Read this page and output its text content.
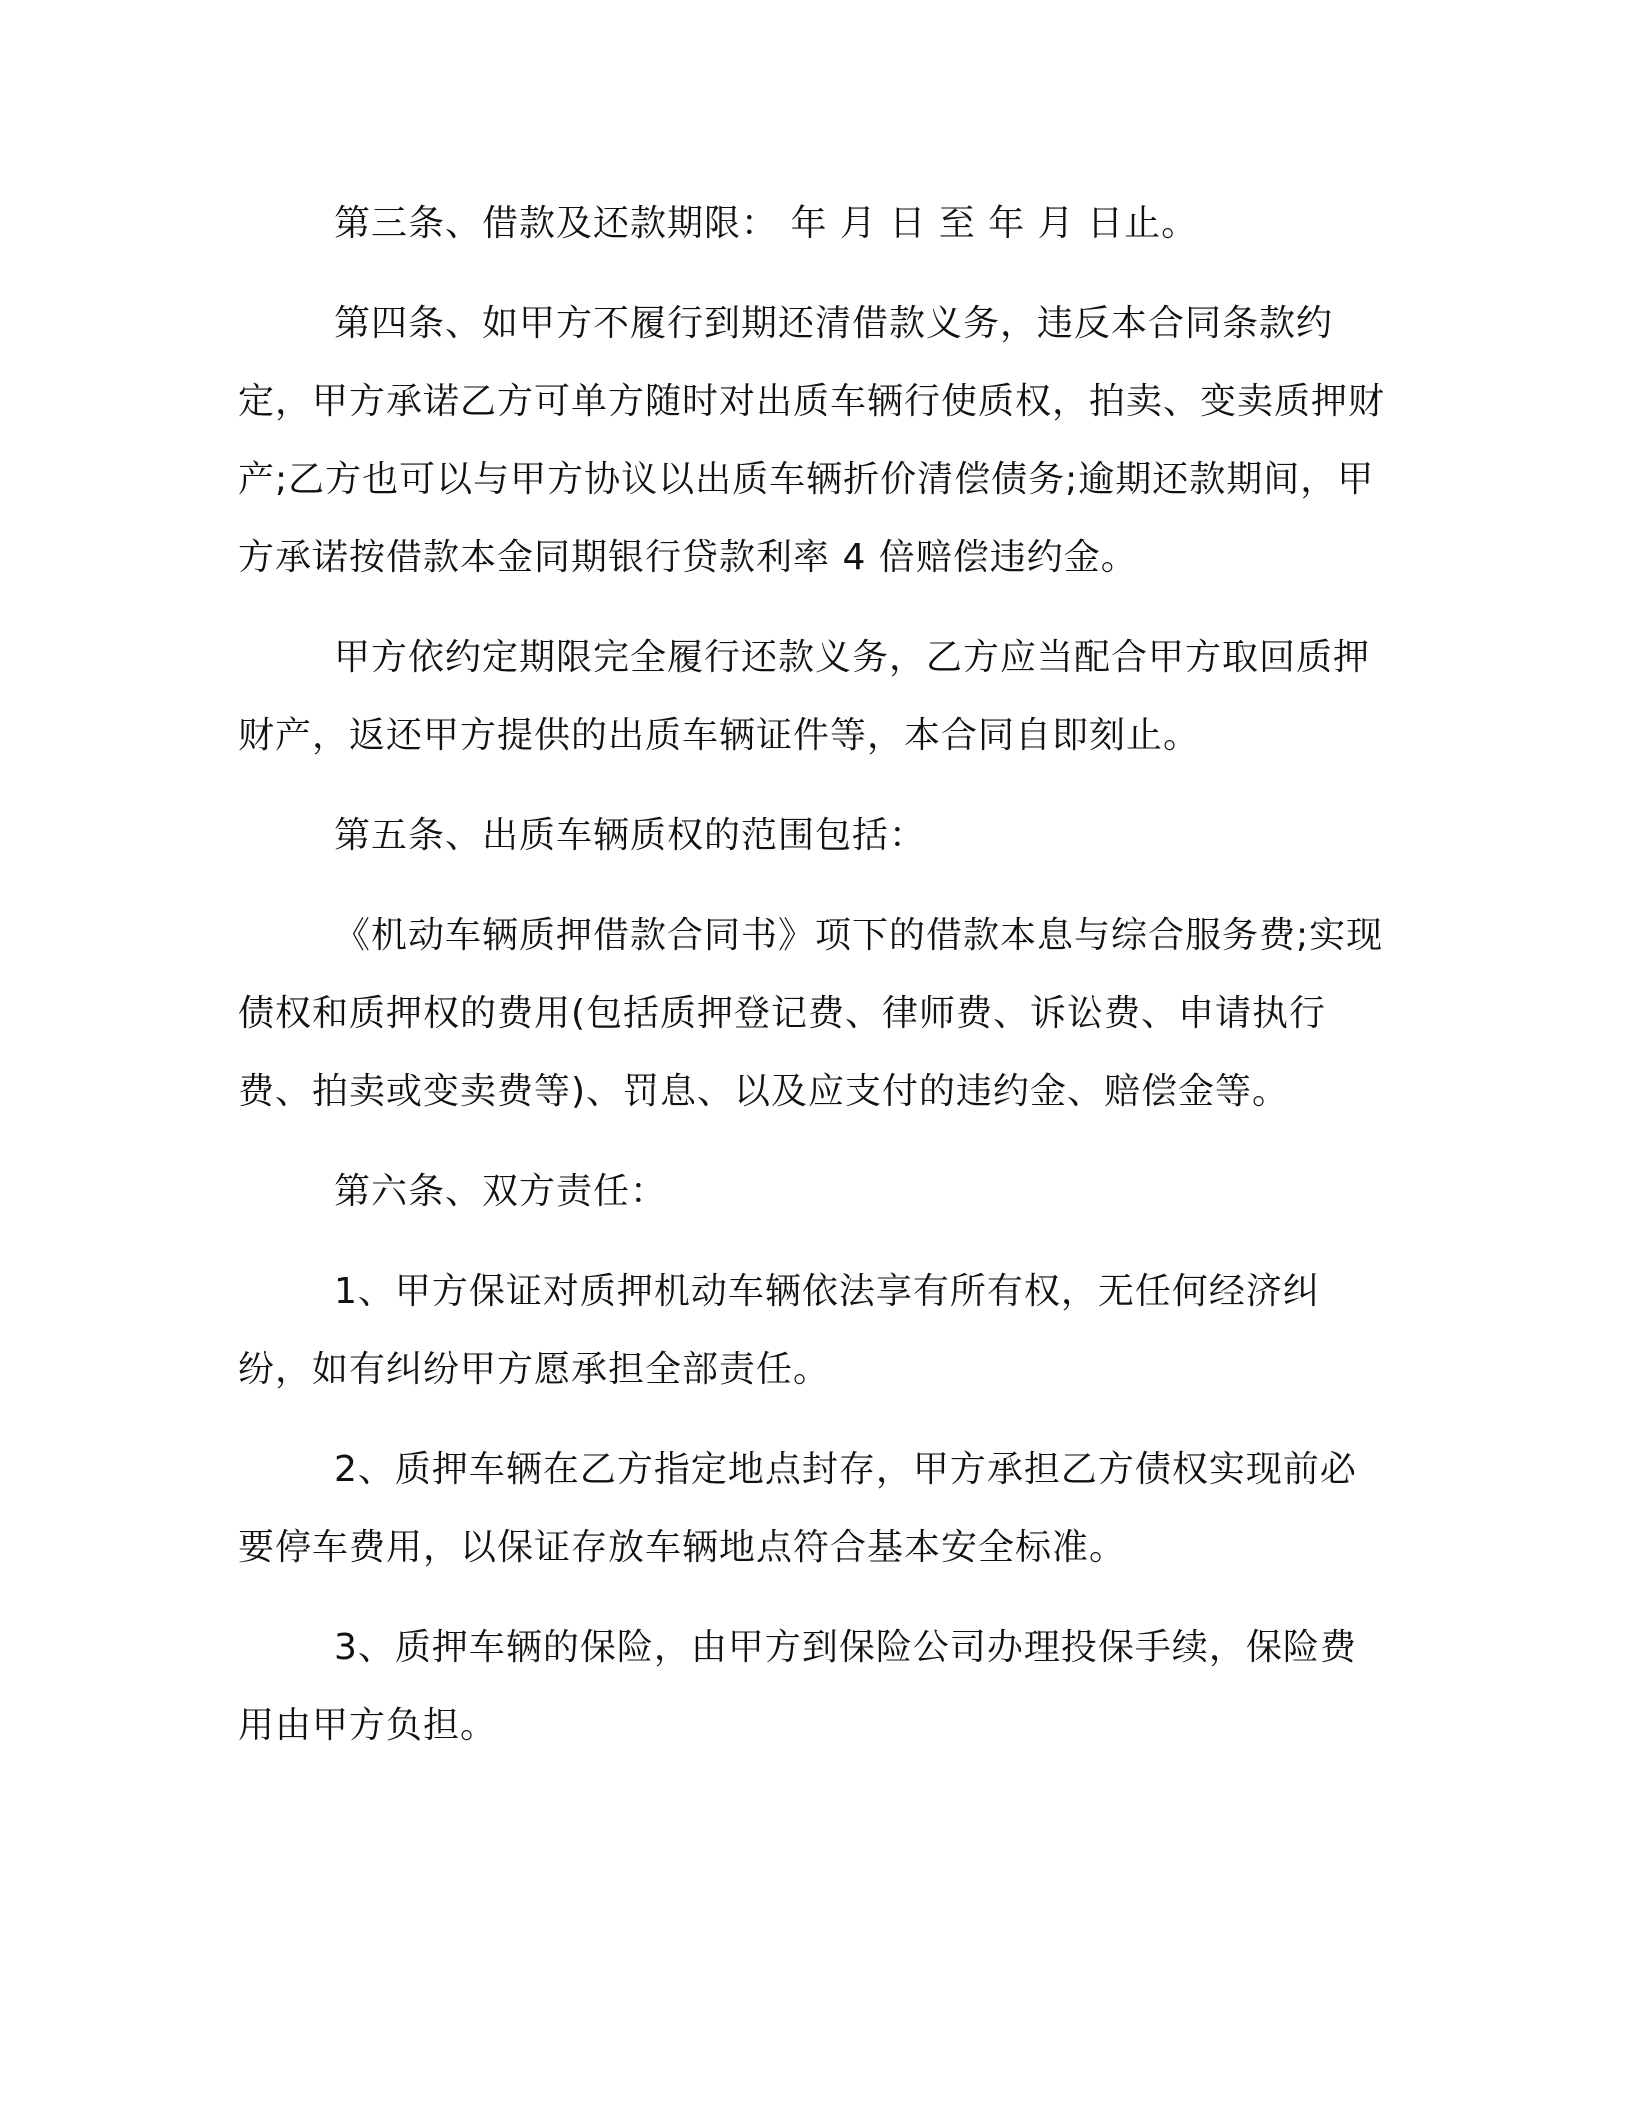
第三条、借款及还款期限： 年 月 日 至 年 月 日止。

第四条、如甲方不履行到期还清借款义务，违反本合同条款约定，甲方承诺乙方可单方随时对出质车辆行使质权，拍卖、变卖质押财产;乙方也可以与甲方协议以出质车辆折价清偿债务;逾期还款期间，甲方承诺按借款本金同期银行贷款利率 4 倍赔偿违约金。

甲方依约定期限完全履行还款义务，乙方应当配合甲方取回质押财产，返还甲方提供的出质车辆证件等，本合同自即刻止。

第五条、出质车辆质权的范围包括：

《机动车辆质押借款合同书》项下的借款本息与综合服务费;实现债权和质押权的费用(包括质押登记费、律师费、诉讼费、申请执行费、拍卖或变卖费等)、罚息、以及应支付的违约金、赔偿金等。

第六条、双方责任：

1、甲方保证对质押机动车辆依法享有所有权，无任何经济纠纷，如有纠纷甲方愿承担全部责任。

2、质押车辆在乙方指定地点封存，甲方承担乙方债权实现前必要停车费用，以保证存放车辆地点符合基本安全标准。

3、质押车辆的保险，由甲方到保险公司办理投保手续，保险费用由甲方负担。
